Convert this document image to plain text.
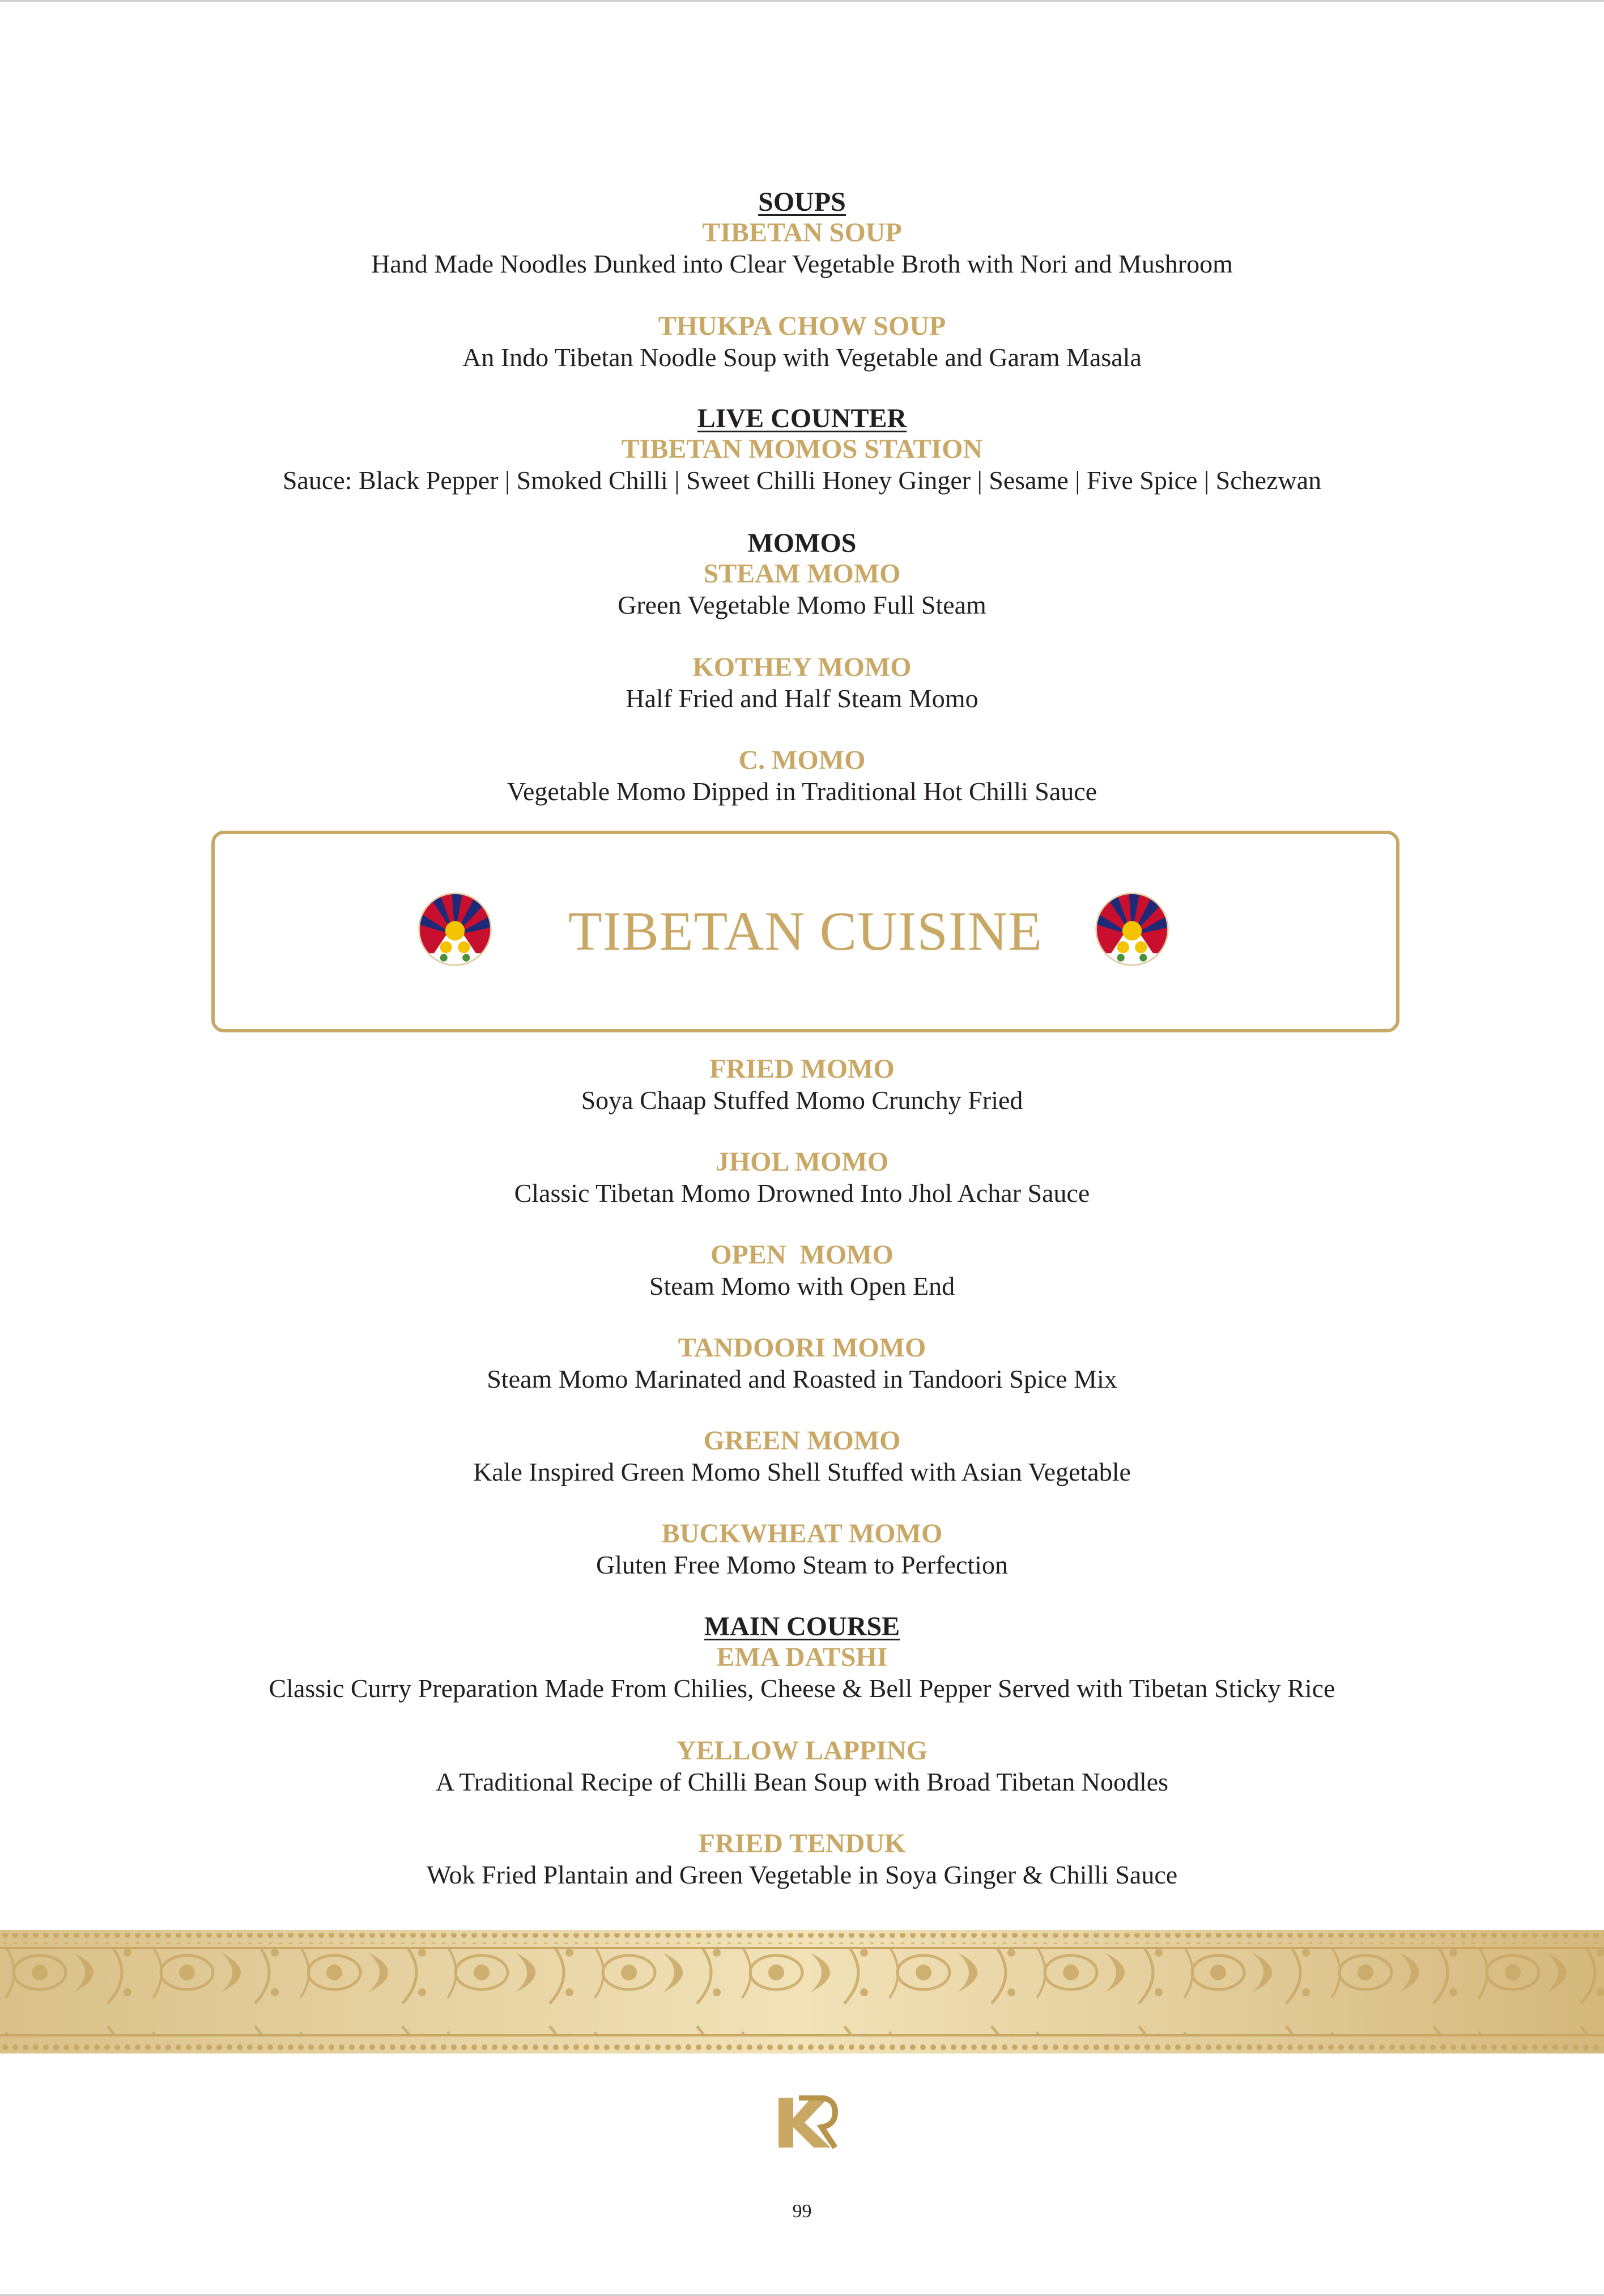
SOUPS
TIBETAN SOUP
Hand Made Noodles Dunked into Clear Vegetable Broth with Nori and Mushroom
THUKPA CHOW SOUP
An Indo Tibetan Noodle Soup with Vegetable and Garam Masala
LIVE COUNTER
TIBETAN MOMOS STATION
Sauce: Black Pepper | Smoked Chilli | Sweet Chilli Honey Ginger | Sesame | Five Spice | Schezwan
MOMOS
STEAM MOMO
Green Vegetable Momo Full Steam
KOTHEY MOMO
Half Fried and Half Steam Momo
C. MOMO
Vegetable Momo Dipped in Traditional Hot Chilli Sauce
TIBETAN CUISINE
FRIED MOMO
Soya Chaap Stuffed Momo Crunchy Fried
JHOL MOMO
Classic Tibetan Momo Drowned Into Jhol Achar Sauce
OPEN  MOMO
Steam Momo with Open End
TANDOORI MOMO
Steam Momo Marinated and Roasted in Tandoori Spice Mix
GREEN MOMO
Kale Inspired Green Momo Shell Stuffed with Asian Vegetable
BUCKWHEAT MOMO
Gluten Free Momo Steam to Perfection
MAIN COURSE
EMA DATSHI
Classic Curry Preparation Made From Chilies, Cheese & Bell Pepper Served with Tibetan Sticky Rice
YELLOW LAPPING
A Traditional Recipe of Chilli Bean Soup with Broad Tibetan Noodles
FRIED TENDUK
Wok Fried Plantain and Green Vegetable in Soya Ginger & Chilli Sauce
99
